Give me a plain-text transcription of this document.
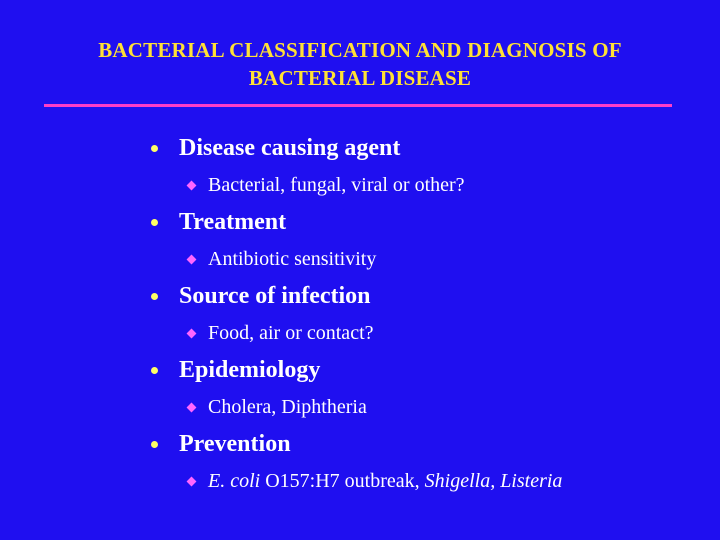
BACTERIAL CLASSIFICATION AND DIAGNOSIS OF
BACTERIAL DISEASE
Disease causing agent
Bacterial, fungal, viral or other?
Treatment
Antibiotic sensitivity
Source of infection
Food, air or contact?
Epidemiology
Cholera, Diphtheria
Prevention
E. coli O157:H7 outbreak, Shigella, Listeria
